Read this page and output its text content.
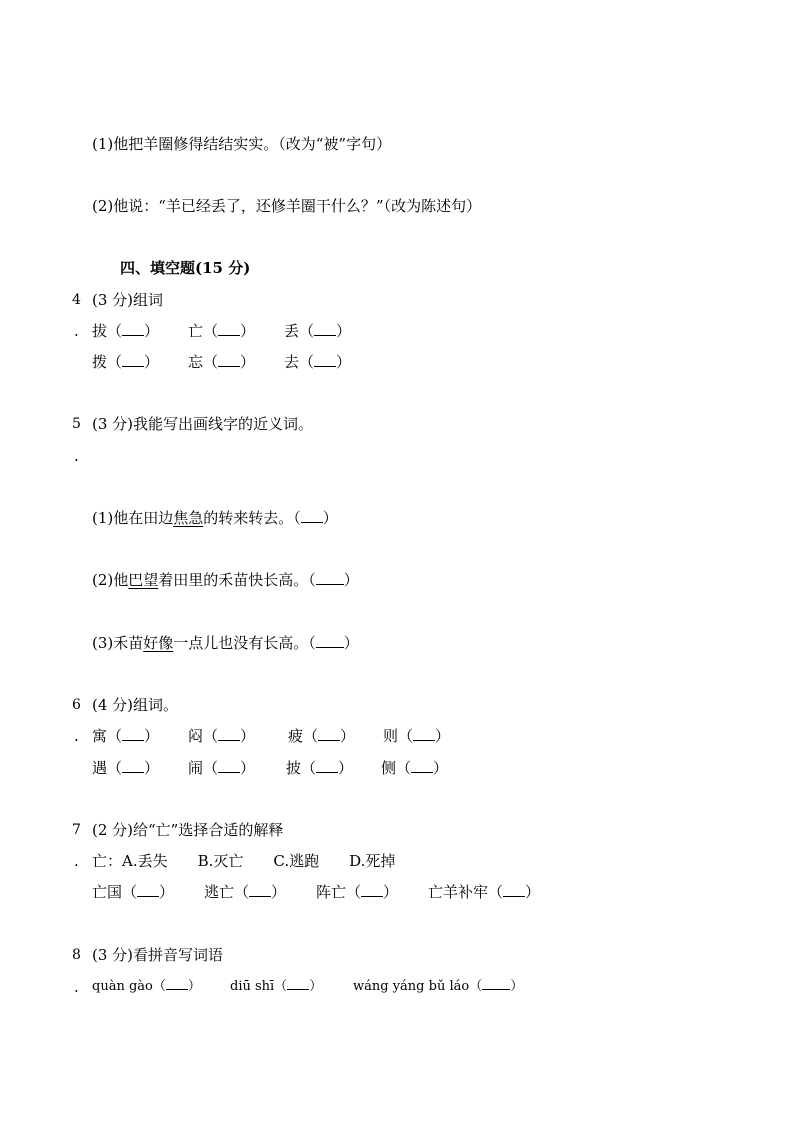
(1)他把羊圈修得结结实实。（改为“被”字句）
(2)他说：“羊已经丢了，还修羊圈干什么？”（改为陈述句）
四、填空题(15 分)
4 (3 分)组词
. 拔（ ） 亡（ ） 丢（ ）
拨（ ） 忘（ ） 去（ ）
5 (3 分)我能写出画线字的近义词。
.
(1)他在田边焦急的转来转去。（ ）
(2)他巴望着田里的禾苗快长高。（ ）
(3)禾苗好像一点儿也没有长高。（ ）
6 (4 分)组词。
. 寓（ ） 闷（ ） 疲（ ） 则（ ）
遇（ ） 闹（ ） 披（ ） 侧（ ）
7 (2 分)给“亡”选择合适的解释
. 亡：A.丢失　　B.灭亡　　C.逃跑　　D.死掉
亡国（ ） 逃亡（ ） 阵亡（ ） 亡羊补牢（ ）
8 (3 分)看拼音写词语
. quàn gào（ ） diū shī（ ） wáng yáng bǔ láo（ ）
